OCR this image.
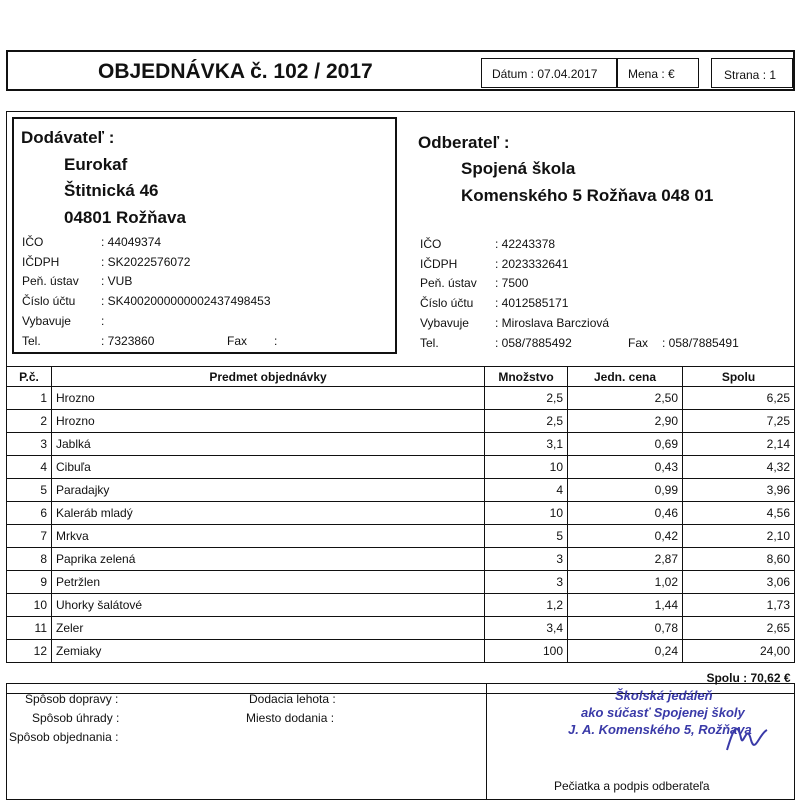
OBJEDNÁVKA č. 102 / 2017	Dátum : 07.04.2017	Mena : €	Strana : 1
Dodávateľ :
Eurokaf
Štitnická 46
04801 Rožňava
IČO	: 44049374
IČDPH	: SK2022576072
Peň. ústav : VUB
Číslo účtu : SK4002000000002437498453
Vybavuje	:
Tel.	: 7323860	Fax :
Odberateľ :
Spojená škola
Komenského 5 Rožňava 048 01
IČO	: 42243378
IČDPH	: 2023332641
Peň. ústav : 7500
Číslo účtu : 4012585171
Vybavuje : Miroslava Barcziová
Tel.	: 058/7885492	Fax : 058/7885491
P.č.	Predmet objednávky	Množstvo	Jedn. cena	Spolu
1	Hrozno	2,5	2,50	6,25
2	Hrozno	2,5	2,90	7,25
3	Jablká	3,1	0,69	2,14
4	Cibuľa	10	0,43	4,32
5	Paradajky	4	0,99	3,96
6	Kaleráb mladý	10	0,46	4,56
7	Mrkva	5	0,42	2,10
8	Paprika zelená	3	2,87	8,60
9	Petržlen	3	1,02	3,06
10	Uhorky šalátové	1,2	1,44	1,73
11	Zeler	3,4	0,78	2,65
12	Zemiaky	100	0,24	24,00
Spolu : 70,62 €				
Spôsob dopravy :
Spôsob úhrady :
Spôsob objednania :
Dodacia lehota :
Miesto dodania :
Pečiatka a podpis odberateľa
Školská jedáleň
ako súčasť Spojenej školy
J. A. Komenského 5, Rožňava
